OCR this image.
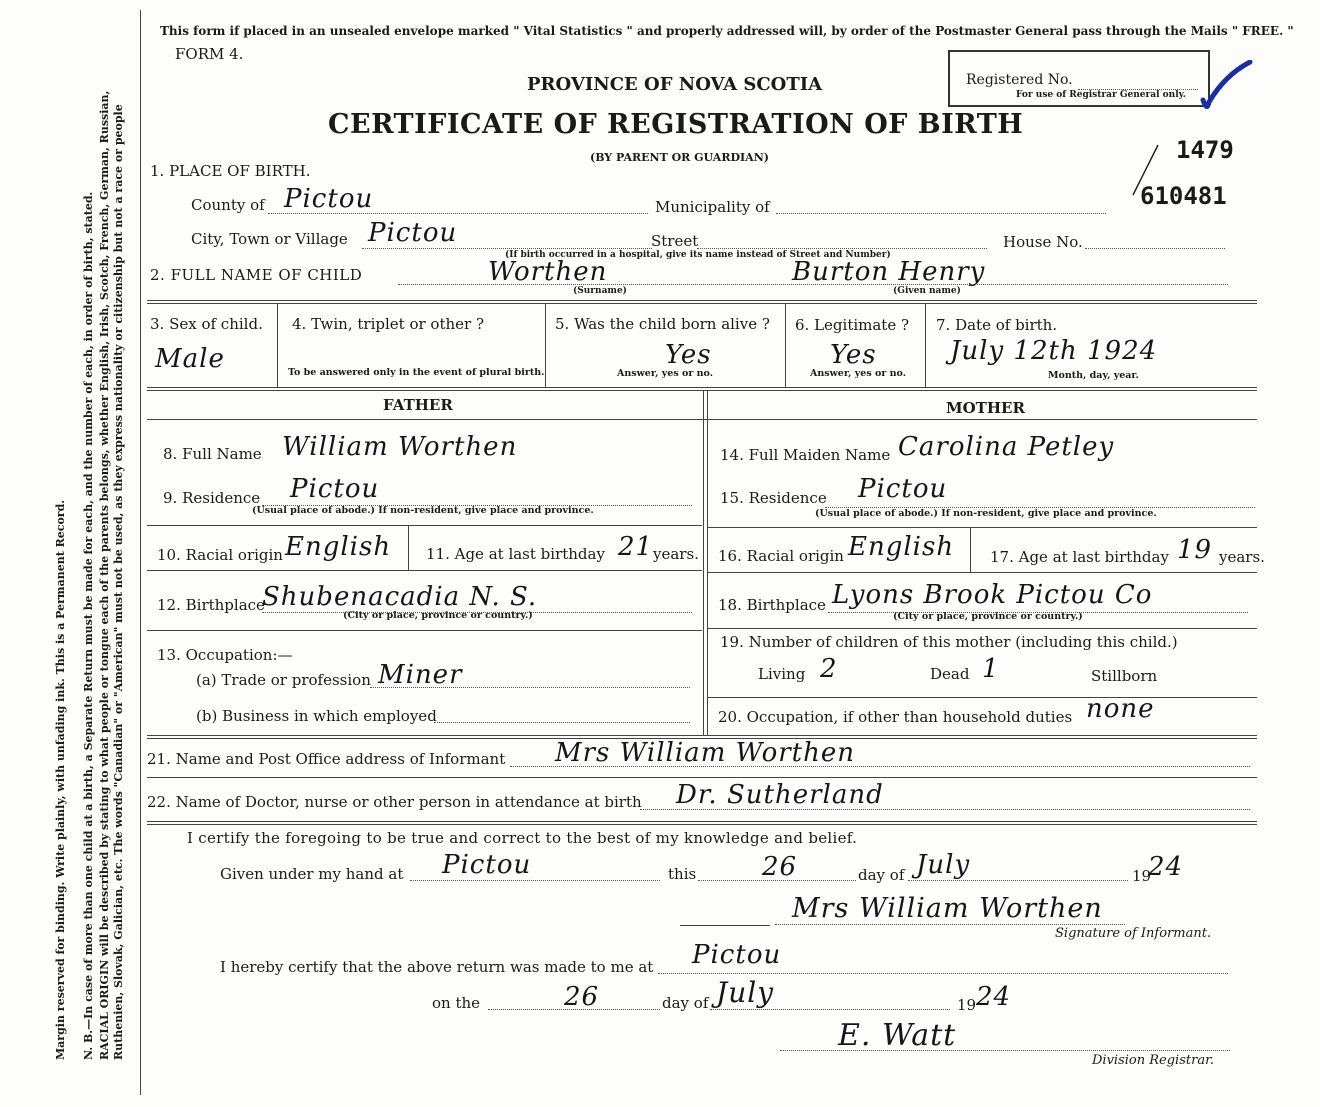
Margin reserved for binding. Write plainly, with unfading ink. This is a Permanent Record. N. B.—In case of more than one child at a birth, a Separate Return must be made for each, and the number of each, in order of birth, stated. RACIAL ORIGIN will be described by stating to what people or tongue each of the parents belongs, whether English, Irish, Scotch, French, German, Russian, Ruthenien, Slovak, Galician, etc. The words "Canadian" or "American" must not be used, as they express nationality or citizenship but not a race or people
This form if placed in an unsealed envelope marked " Vital Statistics " and properly addressed will, by order of the Postmaster General pass through the Mails " FREE. "
FORM 4.
PROVINCE OF NOVA SCOTIA
CERTIFICATE OF REGISTRATION OF BIRTH
(BY PARENT OR GUARDIAN)
Registered No.
For use of Registrar General only.
1479
610481
1. PLACE OF BIRTH.
County of Pictou	Municipality of
City, Town or Village Pictou	Street	House No.
(If birth occurred in a hospital, give its name instead of Street and Number)
2. FULL NAME OF CHILD	Worthen	Burton Henry
(Surname)	(Given name)
3. Sex of child.
Male
4. Twin, triplet or other ?
To be answered only in the event of plural birth.
5. Was the child born alive ?
Yes
Answer, yes or no.
6. Legitimate ?
Yes
Answer, yes or no.
7. Date of birth.
July 12th 1924
Month, day, year.
FATHER	MOTHER
8. Full Name William Worthen
9. Residence Pictou
(Usual place of abode.) If non-resident, give place and province.
10. Racial origin English 11. Age at last birthday 21 years.
12. Birthplace
Shubenacadia N. S.
(City or place, province or country.)
13. Occupation:—
(a) Trade or profession Miner
(b) Business in which employed
14. Full Maiden Name Carolina Petley
15. Residence Pictou
(Usual place of abode.) If non-resident, give place and province.
16. Racial origin English 17. Age at last birthday 19 years.
18. Birthplace Lyons Brook Pictou Co
(City or place, province or country.)
19. Number of children of this mother (including this child.)
Living 2	Dead 1	Stillborn
20. Occupation, if other than household duties none
21. Name and Post Office address of Informant Mrs William Worthen
22. Name of Doctor, nurse or other person in attendance at birth Dr. Sutherland
I certify the foregoing to be true and correct to the best of my knowledge and belief.
Given under my hand at Pictou	this	26	day of July	19
24
Mrs William Worthen
Signature of Informant.
I hereby certify that the above return was made to me at Pictou
on the	26	day of July	19 24
E. Watt
Division Registrar.
